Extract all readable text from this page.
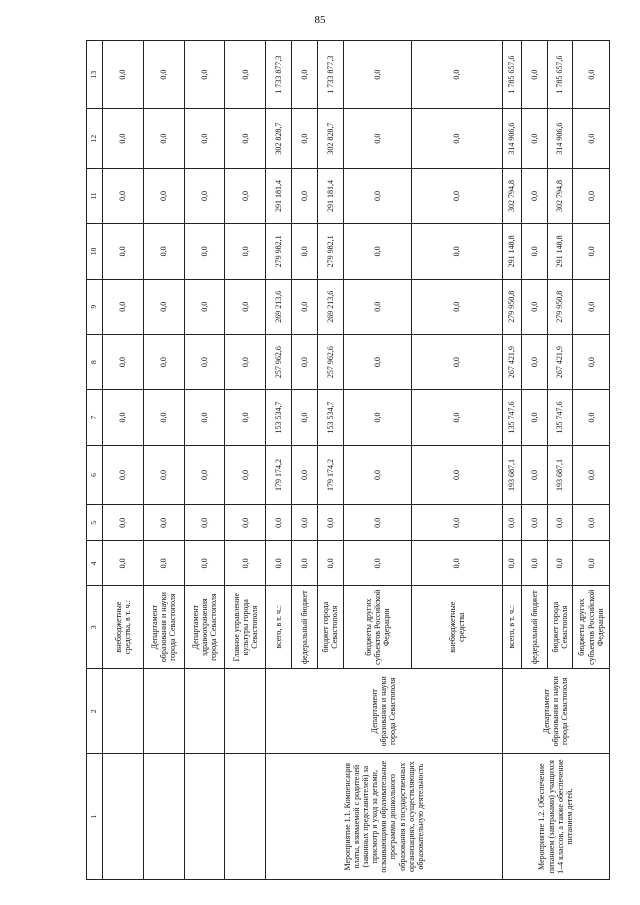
85
1	2	3	4	5	6	7	8	9	10	11	12	13
		внебюджетные средства, в т. ч.:	0,0	0,0	0,0	0,0	0,0	0,0	0,0	0,0	0,0	0,0
		Департамент образования и науки города Севастополя	0,0	0,0	0,0	0,0	0,0	0,0	0,0	0,0	0,0	0,0
		Департамент здравоохранения города Севастополя	0,0	0,0	0,0	0,0	0,0	0,0	0,0	0,0	0,0	0,0
		Главное управление культуры города Севастополя	0,0	0,0	0,0	0,0	0,0	0,0	0,0	0,0	0,0	0,0
Мероприятие 1.1. Компенсация платы, взимаемой с родителей (законных представителей) за присмотр и уход за детьми, осваивающими образовательные программы дошкольного образования в государственных организациях, осуществляющих образовательную деятельность	Департамент образования и науки города Севастополя	всего, в т. ч.:	0,0	0,0	179 174,2	153 534,7	257 962,6	269 213,6	279 982,1	291 181,4	302 828,7	1 733 877,3
		федеральный бюджет	0,0	0,0	0,0	0,0	0,0	0,0	0,0	0,0	0,0	0,0
		бюджет города Севастополя	0,0	0,0	179 174,2	153 534,7	257 962,6	269 213,6	279 982,1	291 181,4	302 828,7	1 733 877,3
		бюджеты других субъектов Российской Федерации	0,0	0,0	0,0	0,0	0,0	0,0	0,0	0,0	0,0	0,0
		внебюджетные средства	0,0	0,0	0,0	0,0	0,0	0,0	0,0	0,0	0,0	0,0
Мероприятие 1.2. Обеспечение питанием (завтраками) учащихся 1–4 классов, а также обеспечение питанием детей,	Департамент образования и науки города Севастополя	всего, в т. ч.:	0,0	0,0	193 687,1	135 747,6	267 421,9	279 950,8	291 148,8	302 794,8	314 906,6	1 785 657,6
		федеральный бюджет	0,0	0,0	0,0	0,0	0,0	0,0	0,0	0,0	0,0	0,0
		бюджет города Севастополя	0,0	0,0	193 687,1	135 747,6	267 421,9	279 950,8	291 148,8	302 794,8	314 906,6	1 785 657,6
		бюджеты других субъектов Российской Федерации	0,0	0,0	0,0	0,0	0,0	0,0	0,0	0,0	0,0	0,0
